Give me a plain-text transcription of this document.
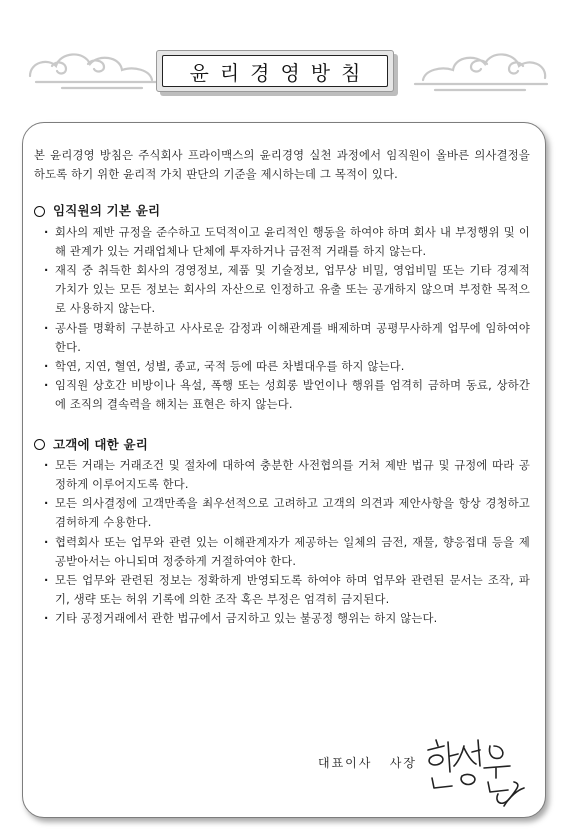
윤리경영방침

본 윤리경영 방침은 주식회사 프라이맥스의 윤리경영 실천 과정에서 임직원이 올바른 의사결정을 하도록 하기 위한 윤리적 가치 판단의 기준을 제시하는데 그 목적이 있다.

임직원의 기본 윤리
· 회사의 제반 규정을 준수하고 도덕적이고 윤리적인 행동을 하여야 하며 회사 내 부정행위 및 이해 관계가 있는 거래업체나 단체에 투자하거나 금전적 거래를 하지 않는다.
· 재직 중 취득한 회사의 경영정보, 제품 및 기술정보, 업무상 비밀, 영업비밀 또는 기타 경제적 가치가 있는 모든 정보는 회사의 자산으로 인정하고 유출 또는 공개하지 않으며 부정한 목적으로 사용하지 않는다.
· 공사를 명확히 구분하고 사사로운 감정과 이해관계를 배제하며 공평무사하게 업무에 임하여야 한다.
· 학연, 지연, 혈연, 성별, 종교, 국적 등에 따른 차별대우를 하지 않는다.
· 임직원 상호간 비방이나 욕설, 폭행 또는 성희롱 발언이나 행위를 엄격히 금하며 동료, 상하간에 조직의 결속력을 해치는 표현은 하지 않는다.
고객에 대한 윤리
· 모든 거래는 거래조건 및 절차에 대하여 충분한 사전협의를 거쳐 제반 법규 및 규정에 따라 공정하게 이루어지도록 한다.
· 모든 의사결정에 고객만족을 최우선적으로 고려하고 고객의 의견과 제안사항을 항상 경청하고 겸허하게 수용한다.
· 협력회사 또는 업무와 관련 있는 이해관계자가 제공하는 일체의 금전, 재물, 향응접대 등을 제공받아서는 아니되며 정중하게 거절하여야 한다.
· 모든 업무와 관련된 정보는 정확하게 반영되도록 하여야 하며 업무와 관련된 문서는 조작, 파기, 생략 또는 허위 기록에 의한 조작 혹은 부정은 엄격히 금지된다.
· 기타 공정거래에서 관한 법규에서 금지하고 있는 불공정 행위는 하지 않는다.
대표이사   사장
